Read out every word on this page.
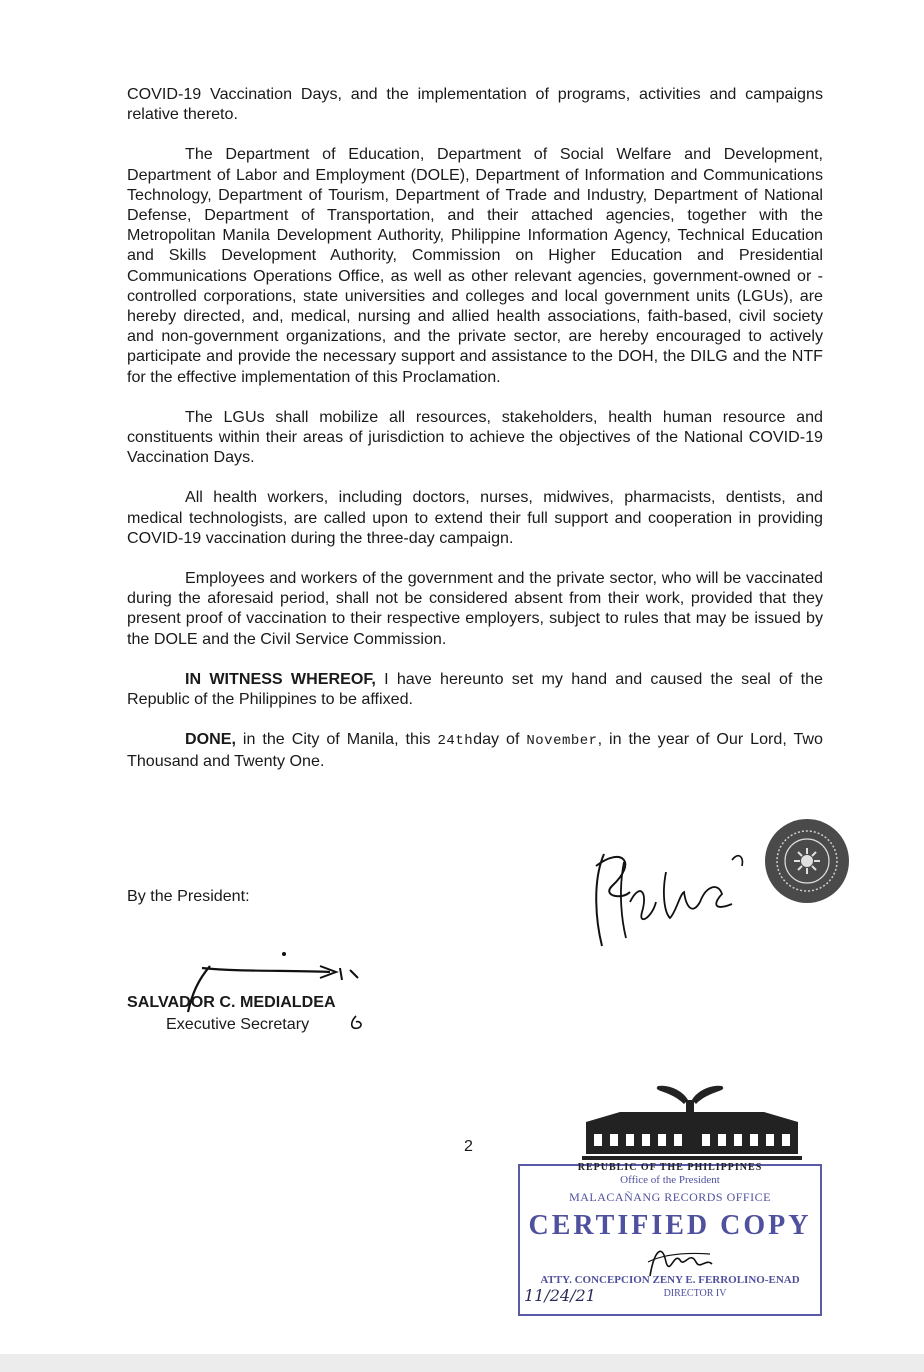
COVID-19 Vaccination Days, and the implementation of programs, activities and campaigns relative thereto.

The Department of Education, Department of Social Welfare and Development, Department of Labor and Employment (DOLE), Department of Information and Communications Technology, Department of Tourism, Department of Trade and Industry, Department of National Defense, Department of Transportation, and their attached agencies, together with the Metropolitan Manila Development Authority, Philippine Information Agency, Technical Education and Skills Development Authority, Commission on Higher Education and Presidential Communications Operations Office, as well as other relevant agencies, government-owned or -controlled corporations, state universities and colleges and local government units (LGUs), are hereby directed, and, medical, nursing and allied health associations, faith-based, civil society and non-government organizations, and the private sector, are hereby encouraged to actively participate and provide the necessary support and assistance to the DOH, the DILG and the NTF for the effective implementation of this Proclamation.

The LGUs shall mobilize all resources, stakeholders, health human resource and constituents within their areas of jurisdiction to achieve the objectives of the National COVID-19 Vaccination Days.

All health workers, including doctors, nurses, midwives, pharmacists, dentists, and medical technologists, are called upon to extend their full support and cooperation in providing COVID-19 vaccination during the three-day campaign.

Employees and workers of the government and the private sector, who will be vaccinated during the aforesaid period, shall not be considered absent from their work, provided that they present proof of vaccination to their respective employers, subject to rules that may be issued by the DOLE and the Civil Service Commission.

IN WITNESS WHEREOF, I have hereunto set my hand and caused the seal of the Republic of the Philippines to be affixed.

DONE, in the City of Manila, this 24thday of November, in the year of Our Lord, Two Thousand and Twenty One.

By the President:
SALVADOR C. MEDIALDEA
Executive Secretary
2
REPUBLIC OF THE PHILIPPINES
Office of the President
MALACAÑANG RECORDS OFFICE
CERTIFIED COPY
ATTY. CONCEPCION ZENY E. FERROLINO-ENAD
DIRECTOR IV
11/24/21
